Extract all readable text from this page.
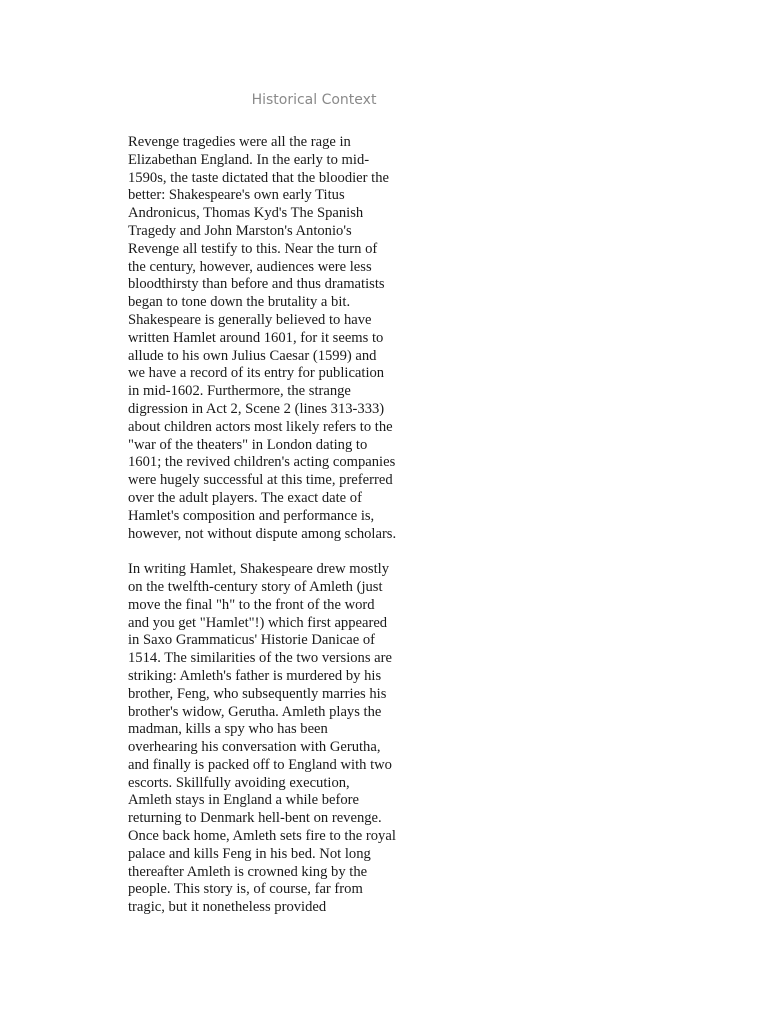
Historical Context
Revenge tragedies were all the rage in
Elizabethan England. In the early to mid-
1590s, the taste dictated that the bloodier the
better: Shakespeare's own early Titus
Andronicus, Thomas Kyd's The Spanish
Tragedy and John Marston's Antonio's
Revenge all testify to this. Near the turn of
the century, however, audiences were less
bloodthirsty than before and thus dramatists
began to tone down the brutality a bit.
Shakespeare is generally believed to have
written Hamlet around 1601, for it seems to
allude to his own Julius Caesar (1599) and
we have a record of its entry for publication
in mid-1602. Furthermore, the strange
digression in Act 2, Scene 2 (lines 313-333)
about children actors most likely refers to the
"war of the theaters" in London dating to
1601; the revived children's acting companies
were hugely successful at this time, preferred
over the adult players. The exact date of
Hamlet's composition and performance is,
however, not without dispute among scholars.
In writing Hamlet, Shakespeare drew mostly
on the twelfth-century story of Amleth (just
move the final "h" to the front of the word
and you get "Hamlet"!) which first appeared
in Saxo Grammaticus' Historie Danicae of
1514. The similarities of the two versions are
striking: Amleth's father is murdered by his
brother, Feng, who subsequently marries his
brother's widow, Gerutha. Amleth plays the
madman, kills a spy who has been
overhearing his conversation with Gerutha,
and finally is packed off to England with two
escorts. Skillfully avoiding execution,
Amleth stays in England a while before
returning to Denmark hell-bent on revenge.
Once back home, Amleth sets fire to the royal
palace and kills Feng in his bed. Not long
thereafter Amleth is crowned king by the
people. This story is, of course, far from
tragic, but it nonetheless provided
